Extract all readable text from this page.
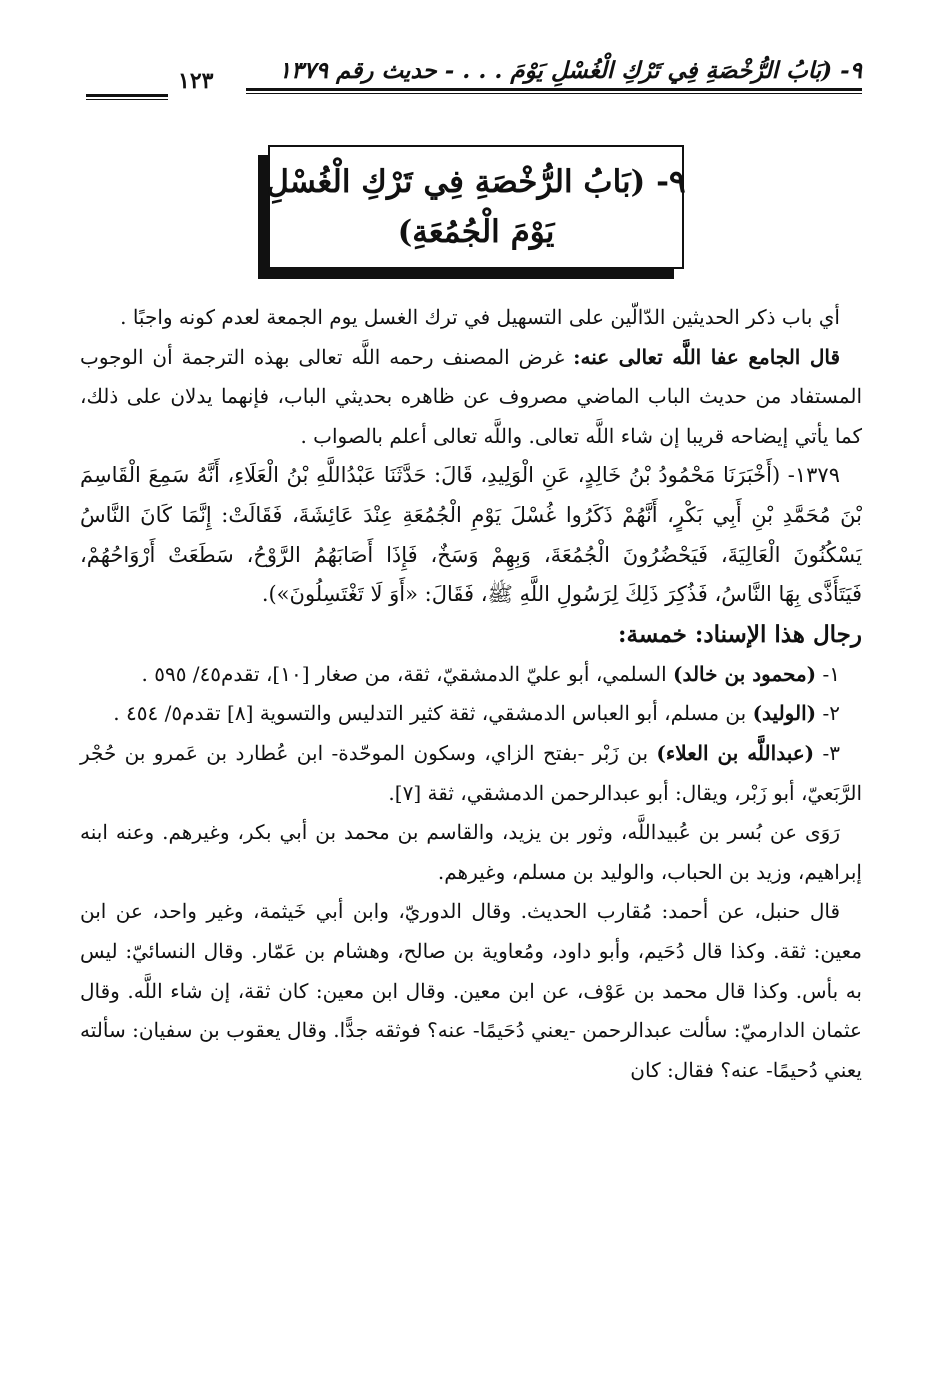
٩- (بَابُ الرُّخْصَةِ فِي تَرْكِ الْغُسْلِ يَوْمَ . . . - حديث رقم ١٣٧٩
١٢٣
٩- (بَابُ الرُّخْصَةِ فِي تَرْكِ الْغُسْلِ
يَوْمَ الْجُمُعَةِ)

أي باب ذكر الحديثين الدّالّين على التسهيل في ترك الغسل يوم الجمعة لعدم كونه واجبًا .

قال الجامع عفا اللَّه تعالى عنه: غرض المصنف رحمه اللَّه تعالى بهذه الترجمة أن الوجوب المستفاد من حديث الباب الماضي مصروف عن ظاهره بحديثي الباب، فإنهما يدلان على ذلك، كما يأتي إيضاحه قريبا إن شاء اللَّه تعالى. واللَّه تعالى أعلم بالصواب .

١٣٧٩- (أَخْبَرَنَا مَحْمُودُ بْنُ خَالِدٍ، عَنِ الْوَلِيدِ، قَالَ: حَدَّثَنَا عَبْدُاللَّهِ بْنُ الْعَلَاءِ، أَنَّهُ سَمِعَ الْقَاسِمَ بْنَ مُحَمَّدِ بْنِ أَبِي بَكْرٍ، أَنَّهُمْ ذَكَرُوا غُسْلَ يَوْمِ الْجُمُعَةِ عِنْدَ عَائِشَةَ، فَقَالَتْ: إِنَّمَا كَانَ النَّاسُ يَسْكُنُونَ الْعَالِيَةَ، فَيَحْضُرُونَ الْجُمُعَةَ، وَبِهِمْ وَسَخٌ، فَإِذَا أَصَابَهُمُ الرَّوْحُ، سَطَعَتْ أَرْوَاحُهُمْ، فَيَتَأَذَّى بِهَا النَّاسُ، فَذُكِرَ ذَلِكَ لِرَسُولِ اللَّهِ ﷺ، فَقَالَ: «أَوَ لَا تَغْتَسِلُونَ»).

رجال هذا الإسناد: خمسة:

١- (محمود بن خالد) السلمي، أبو عليّ الدمشقيّ، ثقة، من صغار [١٠]، تقدم٤٥/ ٥٩٥ .

٢- (الوليد) بن مسلم، أبو العباس الدمشقي، ثقة كثير التدليس والتسوية [٨] تقدم٥/ ٤٥٤ .

٣- (عبداللَّه بن العلاء) بن زَبْر -بفتح الزاي، وسكون الموحّدة- ابن عُطارد بن عَمرو بن حُجْر الرَّبَعيّ، أبو زَبْر، ويقال: أبو عبدالرحمن الدمشقي، ثقة [٧].

رَوَى عن بُسر بن عُبيداللَّه، وثور بن يزيد، والقاسم بن محمد بن أبي بكر، وغيرهم. وعنه ابنه إبراهيم، وزيد بن الحباب، والوليد بن مسلم، وغيرهم.

قال حنبل، عن أحمد: مُقارب الحديث. وقال الدوريّ، وابن أبي خَيثمة، وغير واحد، عن ابن معين: ثقة. وكذا قال دُحَيم، وأبو داود، ومُعاوية بن صالح، وهشام بن عَمّار. وقال النسائيّ: ليس به بأس. وكذا قال محمد بن عَوْف، عن ابن معين. وقال ابن معين: كان ثقة، إن شاء اللَّه. وقال عثمان الدارميّ: سألت عبدالرحمن -يعني دُحَيمًا- عنه؟ فوثقه جدًّا. وقال يعقوب بن سفيان: سألته يعني دُحيمًا- عنه؟ فقال: كان
